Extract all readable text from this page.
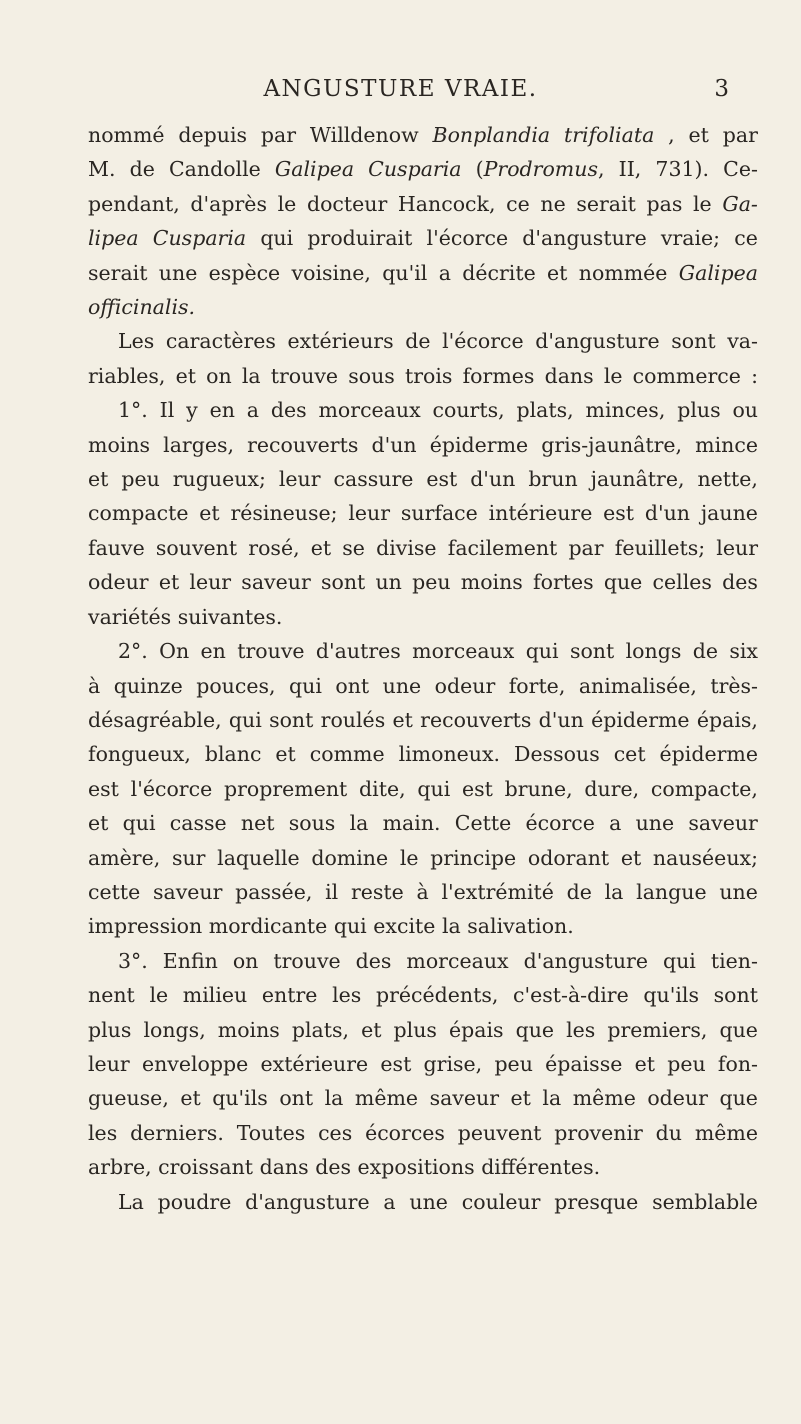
ANGUSTURE VRAIE.	3
nommé depuis par Willdenow Bonplandia trifoliata , et par
M. de Candolle Galipea Cusparia (Prodromus, II, 731). Ce-
pendant, d'après le docteur Hancock, ce ne serait pas le Ga-
lipea Cusparia qui produirait l'écorce d'angusture vraie; ce
serait une espèce voisine, qu'il a décrite et nommée Galipea
officinalis.
Les caractères extérieurs de l'écorce d'angusture sont va-
riables, et on la trouve sous trois formes dans le commerce :
1°. Il y en a des morceaux courts, plats, minces, plus ou
moins larges, recouverts d'un épiderme gris-jaunâtre, mince
et peu rugueux; leur cassure est d'un brun jaunâtre, nette,
compacte et résineuse; leur surface intérieure est d'un jaune
fauve souvent rosé, et se divise facilement par feuillets; leur
odeur et leur saveur sont un peu moins fortes que celles des
variétés suivantes.
2°. On en trouve d'autres morceaux qui sont longs de six
à quinze pouces, qui ont une odeur forte, animalisée, très-
désagréable, qui sont roulés et recouverts d'un épiderme épais,
fongueux, blanc et comme limoneux. Dessous cet épiderme
est l'écorce proprement dite, qui est brune, dure, compacte,
et qui casse net sous la main. Cette écorce a une saveur
amère, sur laquelle domine le principe odorant et nauséeux;
cette saveur passée, il reste à l'extrémité de la langue une
impression mordicante qui excite la salivation.
3°. Enfin on trouve des morceaux d'angusture qui tien-
nent le milieu entre les précédents, c'est-à-dire qu'ils sont
plus longs, moins plats, et plus épais que les premiers, que
leur enveloppe extérieure est grise, peu épaisse et peu fon-
gueuse, et qu'ils ont la même saveur et la même odeur que
les derniers. Toutes ces écorces peuvent provenir du même
arbre, croissant dans des expositions différentes.
La poudre d'angusture a une couleur presque semblable
